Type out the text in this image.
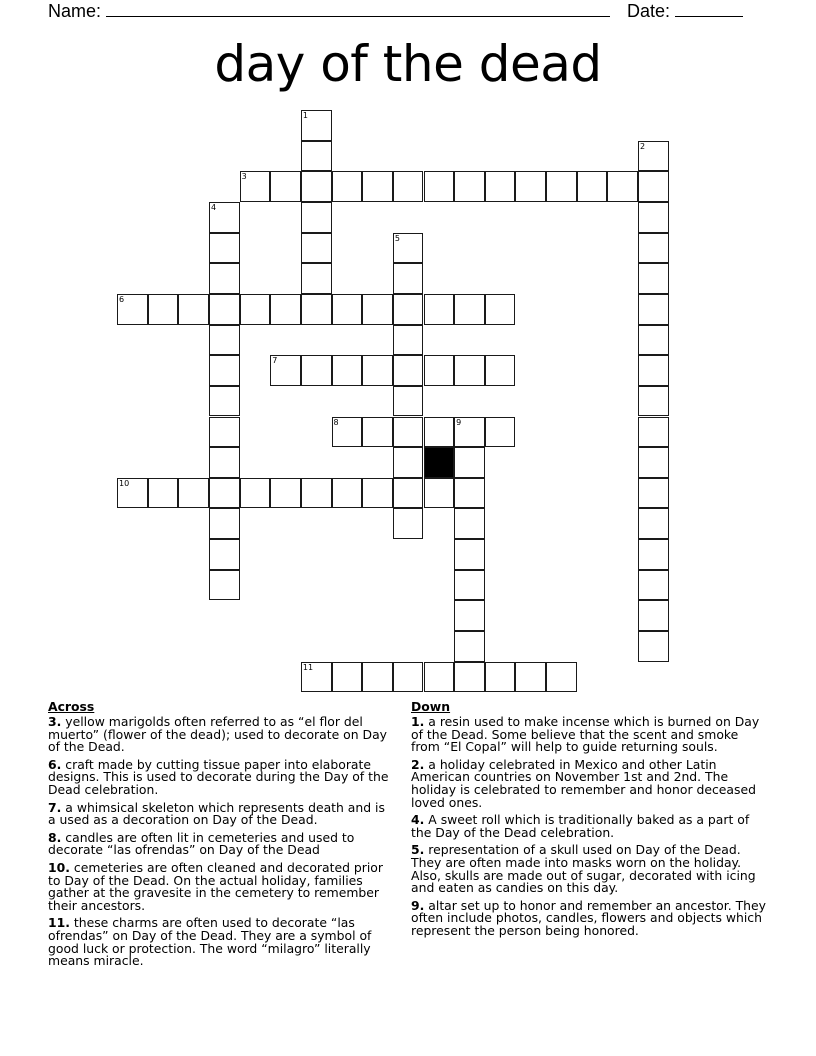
Name:	Date:
day of the dead
1
2
3
4
5
6
7
8	9
10
11
Across
3. yellow marigolds often referred to as “el flor del muerto” (flower of the dead); used to decorate on Day of the Dead.
6. craft made by cutting tissue paper into elaborate designs. This is used to decorate during the Day of the Dead celebration.
7. a whimsical skeleton which represents death and is a used as a decoration on Day of the Dead.
8. candles are often lit in cemeteries and used to decorate “las ofrendas” on Day of the Dead
10. cemeteries are often cleaned and decorated prior to Day of the Dead. On the actual holiday, families gather at the gravesite in the cemetery to remember their ancestors.
11. these charms are often used to decorate “las ofrendas” on Day of the Dead. They are a symbol of good luck or protection. The word “milagro” literally means miracle.
Down
1. a resin used to make incense which is burned on Day of the Dead. Some believe that the scent and smoke from “El Copal” will help to guide returning souls.
2. a holiday celebrated in Mexico and other Latin American countries on November 1st and 2nd. The holiday is celebrated to remember and honor deceased loved ones.
4. A sweet roll which is traditionally baked as a part of the Day of the Dead celebration.
5. representation of a skull used on Day of the Dead. They are often made into masks worn on the holiday. Also, skulls are made out of sugar, decorated with icing and eaten as candies on this day.
9. altar set up to honor and remember an ancestor. They often include photos, candles, flowers and objects which represent the person being honored.
